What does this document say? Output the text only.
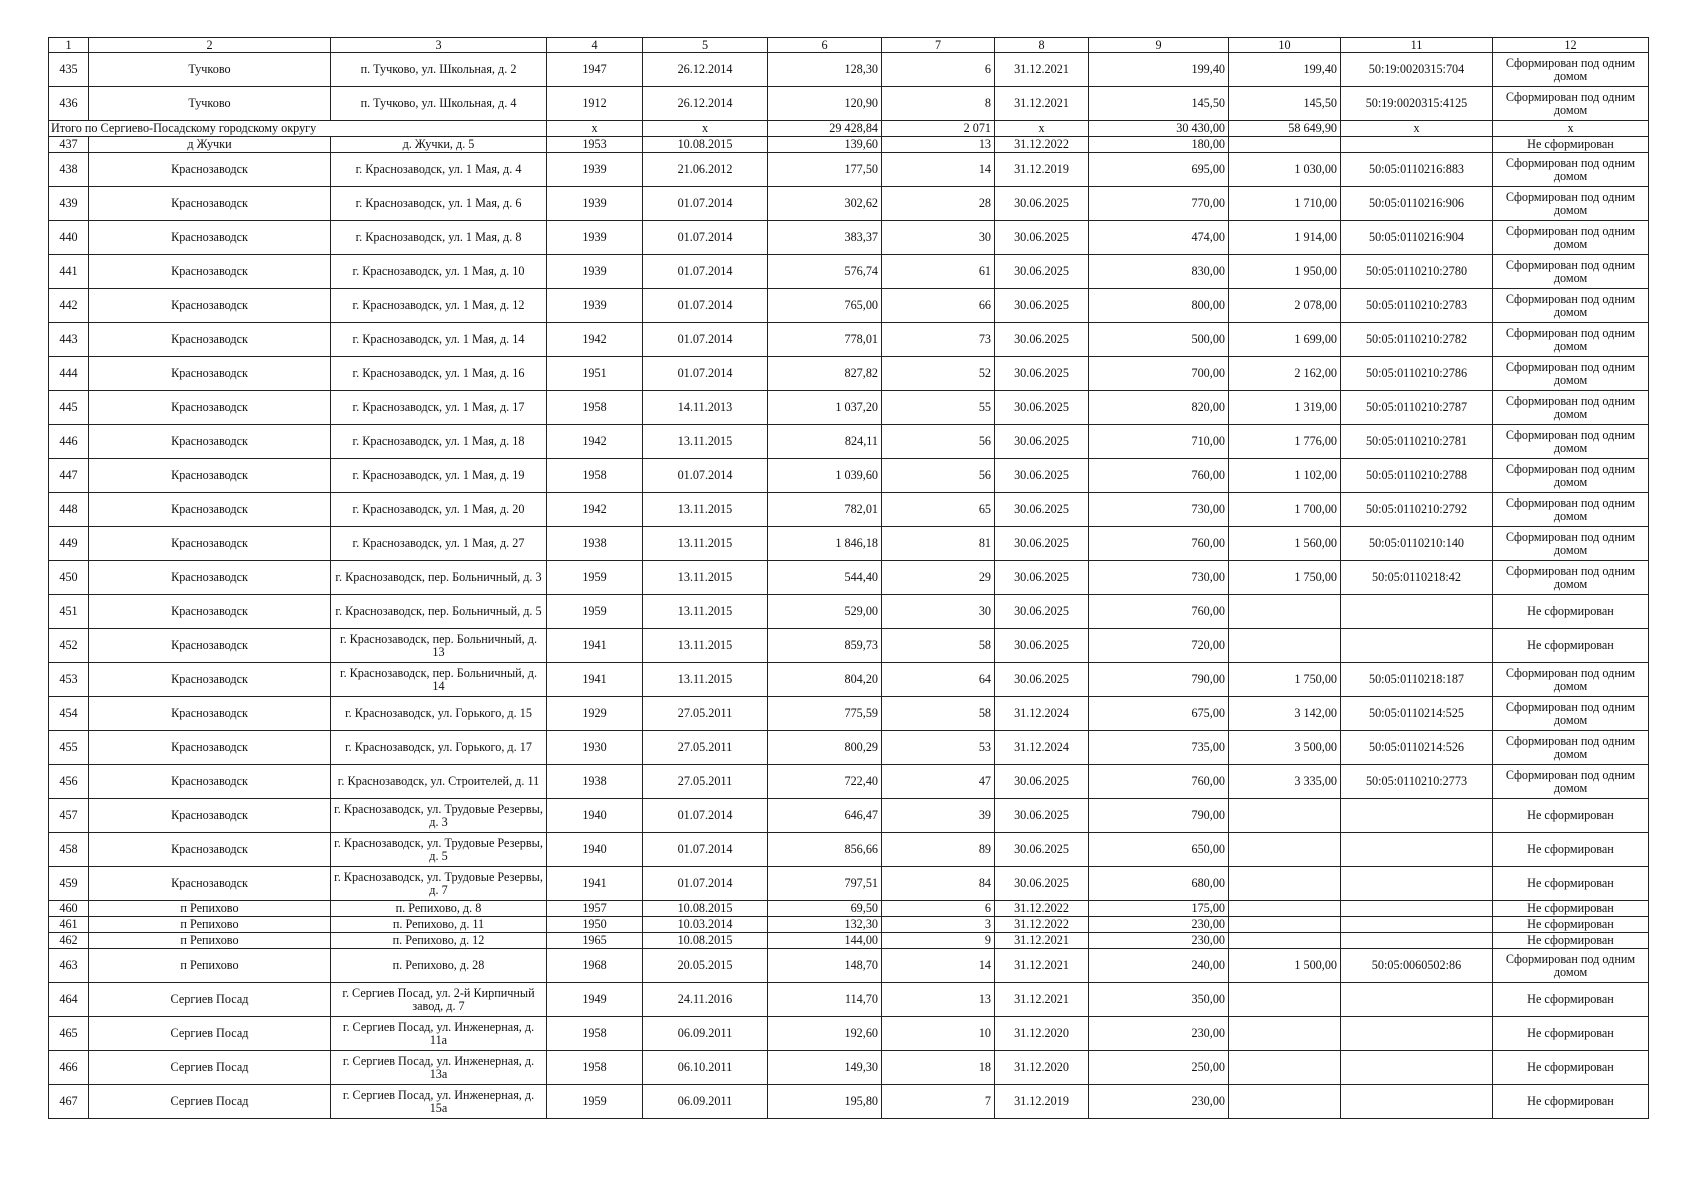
1	2	3	4	5	6	7	8	9	10	11	12
435	Тучково	п. Тучково, ул. Школьная, д. 2	1947	26.12.2014	128,30	6	31.12.2021	199,40	199,40	50:19:0020315:704	Сформирован под одним домом
436	Тучково	п. Тучково, ул. Школьная, д. 4	1912	26.12.2014	120,90	8	31.12.2021	145,50	145,50	50:19:0020315:4125	Сформирован под одним домом
Итого по Сергиево-Посадскому городскому округу			х	х	29 428,84	2 071	х	30 430,00	58 649,90	х	х
437	д Жучки	д. Жучки, д. 5	1953	10.08.2015	139,60	13	31.12.2022	180,00			Не сформирован
438	Краснозаводск	г. Краснозаводск, ул. 1 Мая, д. 4	1939	21.06.2012	177,50	14	31.12.2019	695,00	1 030,00	50:05:0110216:883	Сформирован под одним домом
439	Краснозаводск	г. Краснозаводск, ул. 1 Мая, д. 6	1939	01.07.2014	302,62	28	30.06.2025	770,00	1 710,00	50:05:0110216:906	Сформирован под одним домом
440	Краснозаводск	г. Краснозаводск, ул. 1 Мая, д. 8	1939	01.07.2014	383,37	30	30.06.2025	474,00	1 914,00	50:05:0110216:904	Сформирован под одним домом
441	Краснозаводск	г. Краснозаводск, ул. 1 Мая, д. 10	1939	01.07.2014	576,74	61	30.06.2025	830,00	1 950,00	50:05:0110210:2780	Сформирован под одним домом
442	Краснозаводск	г. Краснозаводск, ул. 1 Мая, д. 12	1939	01.07.2014	765,00	66	30.06.2025	800,00	2 078,00	50:05:0110210:2783	Сформирован под одним домом
443	Краснозаводск	г. Краснозаводск, ул. 1 Мая, д. 14	1942	01.07.2014	778,01	73	30.06.2025	500,00	1 699,00	50:05:0110210:2782	Сформирован под одним домом
444	Краснозаводск	г. Краснозаводск, ул. 1 Мая, д. 16	1951	01.07.2014	827,82	52	30.06.2025	700,00	2 162,00	50:05:0110210:2786	Сформирован под одним домом
445	Краснозаводск	г. Краснозаводск, ул. 1 Мая, д. 17	1958	14.11.2013	1 037,20	55	30.06.2025	820,00	1 319,00	50:05:0110210:2787	Сформирован под одним домом
446	Краснозаводск	г. Краснозаводск, ул. 1 Мая, д. 18	1942	13.11.2015	824,11	56	30.06.2025	710,00	1 776,00	50:05:0110210:2781	Сформирован под одним домом
447	Краснозаводск	г. Краснозаводск, ул. 1 Мая, д. 19	1958	01.07.2014	1 039,60	56	30.06.2025	760,00	1 102,00	50:05:0110210:2788	Сформирован под одним домом
448	Краснозаводск	г. Краснозаводск, ул. 1 Мая, д. 20	1942	13.11.2015	782,01	65	30.06.2025	730,00	1 700,00	50:05:0110210:2792	Сформирован под одним домом
449	Краснозаводск	г. Краснозаводск, ул. 1 Мая, д. 27	1938	13.11.2015	1 846,18	81	30.06.2025	760,00	1 560,00	50:05:0110210:140	Сформирован под одним домом
450	Краснозаводск	г. Краснозаводск, пер. Больничный, д. 3	1959	13.11.2015	544,40	29	30.06.2025	730,00	1 750,00	50:05:0110218:42	Сформирован под одним домом
451	Краснозаводск	г. Краснозаводск, пер. Больничный, д. 5	1959	13.11.2015	529,00	30	30.06.2025	760,00			Не сформирован
452	Краснозаводск	г. Краснозаводск, пер. Больничный, д. 13	1941	13.11.2015	859,73	58	30.06.2025	720,00			Не сформирован
453	Краснозаводск	г. Краснозаводск, пер. Больничный, д. 14	1941	13.11.2015	804,20	64	30.06.2025	790,00	1 750,00	50:05:0110218:187	Сформирован под одним домом
454	Краснозаводск	г. Краснозаводск, ул. Горького, д. 15	1929	27.05.2011	775,59	58	31.12.2024	675,00	3 142,00	50:05:0110214:525	Сформирован под одним домом
455	Краснозаводск	г. Краснозаводск, ул. Горького, д. 17	1930	27.05.2011	800,29	53	31.12.2024	735,00	3 500,00	50:05:0110214:526	Сформирован под одним домом
456	Краснозаводск	г. Краснозаводск, ул. Строителей, д. 11	1938	27.05.2011	722,40	47	30.06.2025	760,00	3 335,00	50:05:0110210:2773	Сформирован под одним домом
457	Краснозаводск	г. Краснозаводск, ул. Трудовые Резервы, д. 3	1940	01.07.2014	646,47	39	30.06.2025	790,00			Не сформирован
458	Краснозаводск	г. Краснозаводск, ул. Трудовые Резервы, д. 5	1940	01.07.2014	856,66	89	30.06.2025	650,00			Не сформирован
459	Краснозаводск	г. Краснозаводск, ул. Трудовые Резервы, д. 7	1941	01.07.2014	797,51	84	30.06.2025	680,00			Не сформирован
460	п Репихово	п. Репихово, д. 8	1957	10.08.2015	69,50	6	31.12.2022	175,00			Не сформирован
461	п Репихово	п. Репихово, д. 11	1950	10.03.2014	132,30	3	31.12.2022	230,00			Не сформирован
462	п Репихово	п. Репихово, д. 12	1965	10.08.2015	144,00	9	31.12.2021	230,00			Не сформирован
463	п Репихово	п. Репихово, д. 28	1968	20.05.2015	148,70	14	31.12.2021	240,00	1 500,00	50:05:0060502:86	Сформирован под одним домом
464	Сергиев Посад	г. Сергиев Посад, ул. 2-й Кирпичный завод, д. 7	1949	24.11.2016	114,70	13	31.12.2021	350,00			Не сформирован
465	Сергиев Посад	г. Сергиев Посад, ул. Инженерная, д. 11а	1958	06.09.2011	192,60	10	31.12.2020	230,00			Не сформирован
466	Сергиев Посад	г. Сергиев Посад, ул. Инженерная, д. 13а	1958	06.10.2011	149,30	18	31.12.2020	250,00			Не сформирован
467	Сергиев Посад	г. Сергиев Посад, ул. Инженерная, д. 15а	1959	06.09.2011	195,80	7	31.12.2019	230,00			Не сформирован
